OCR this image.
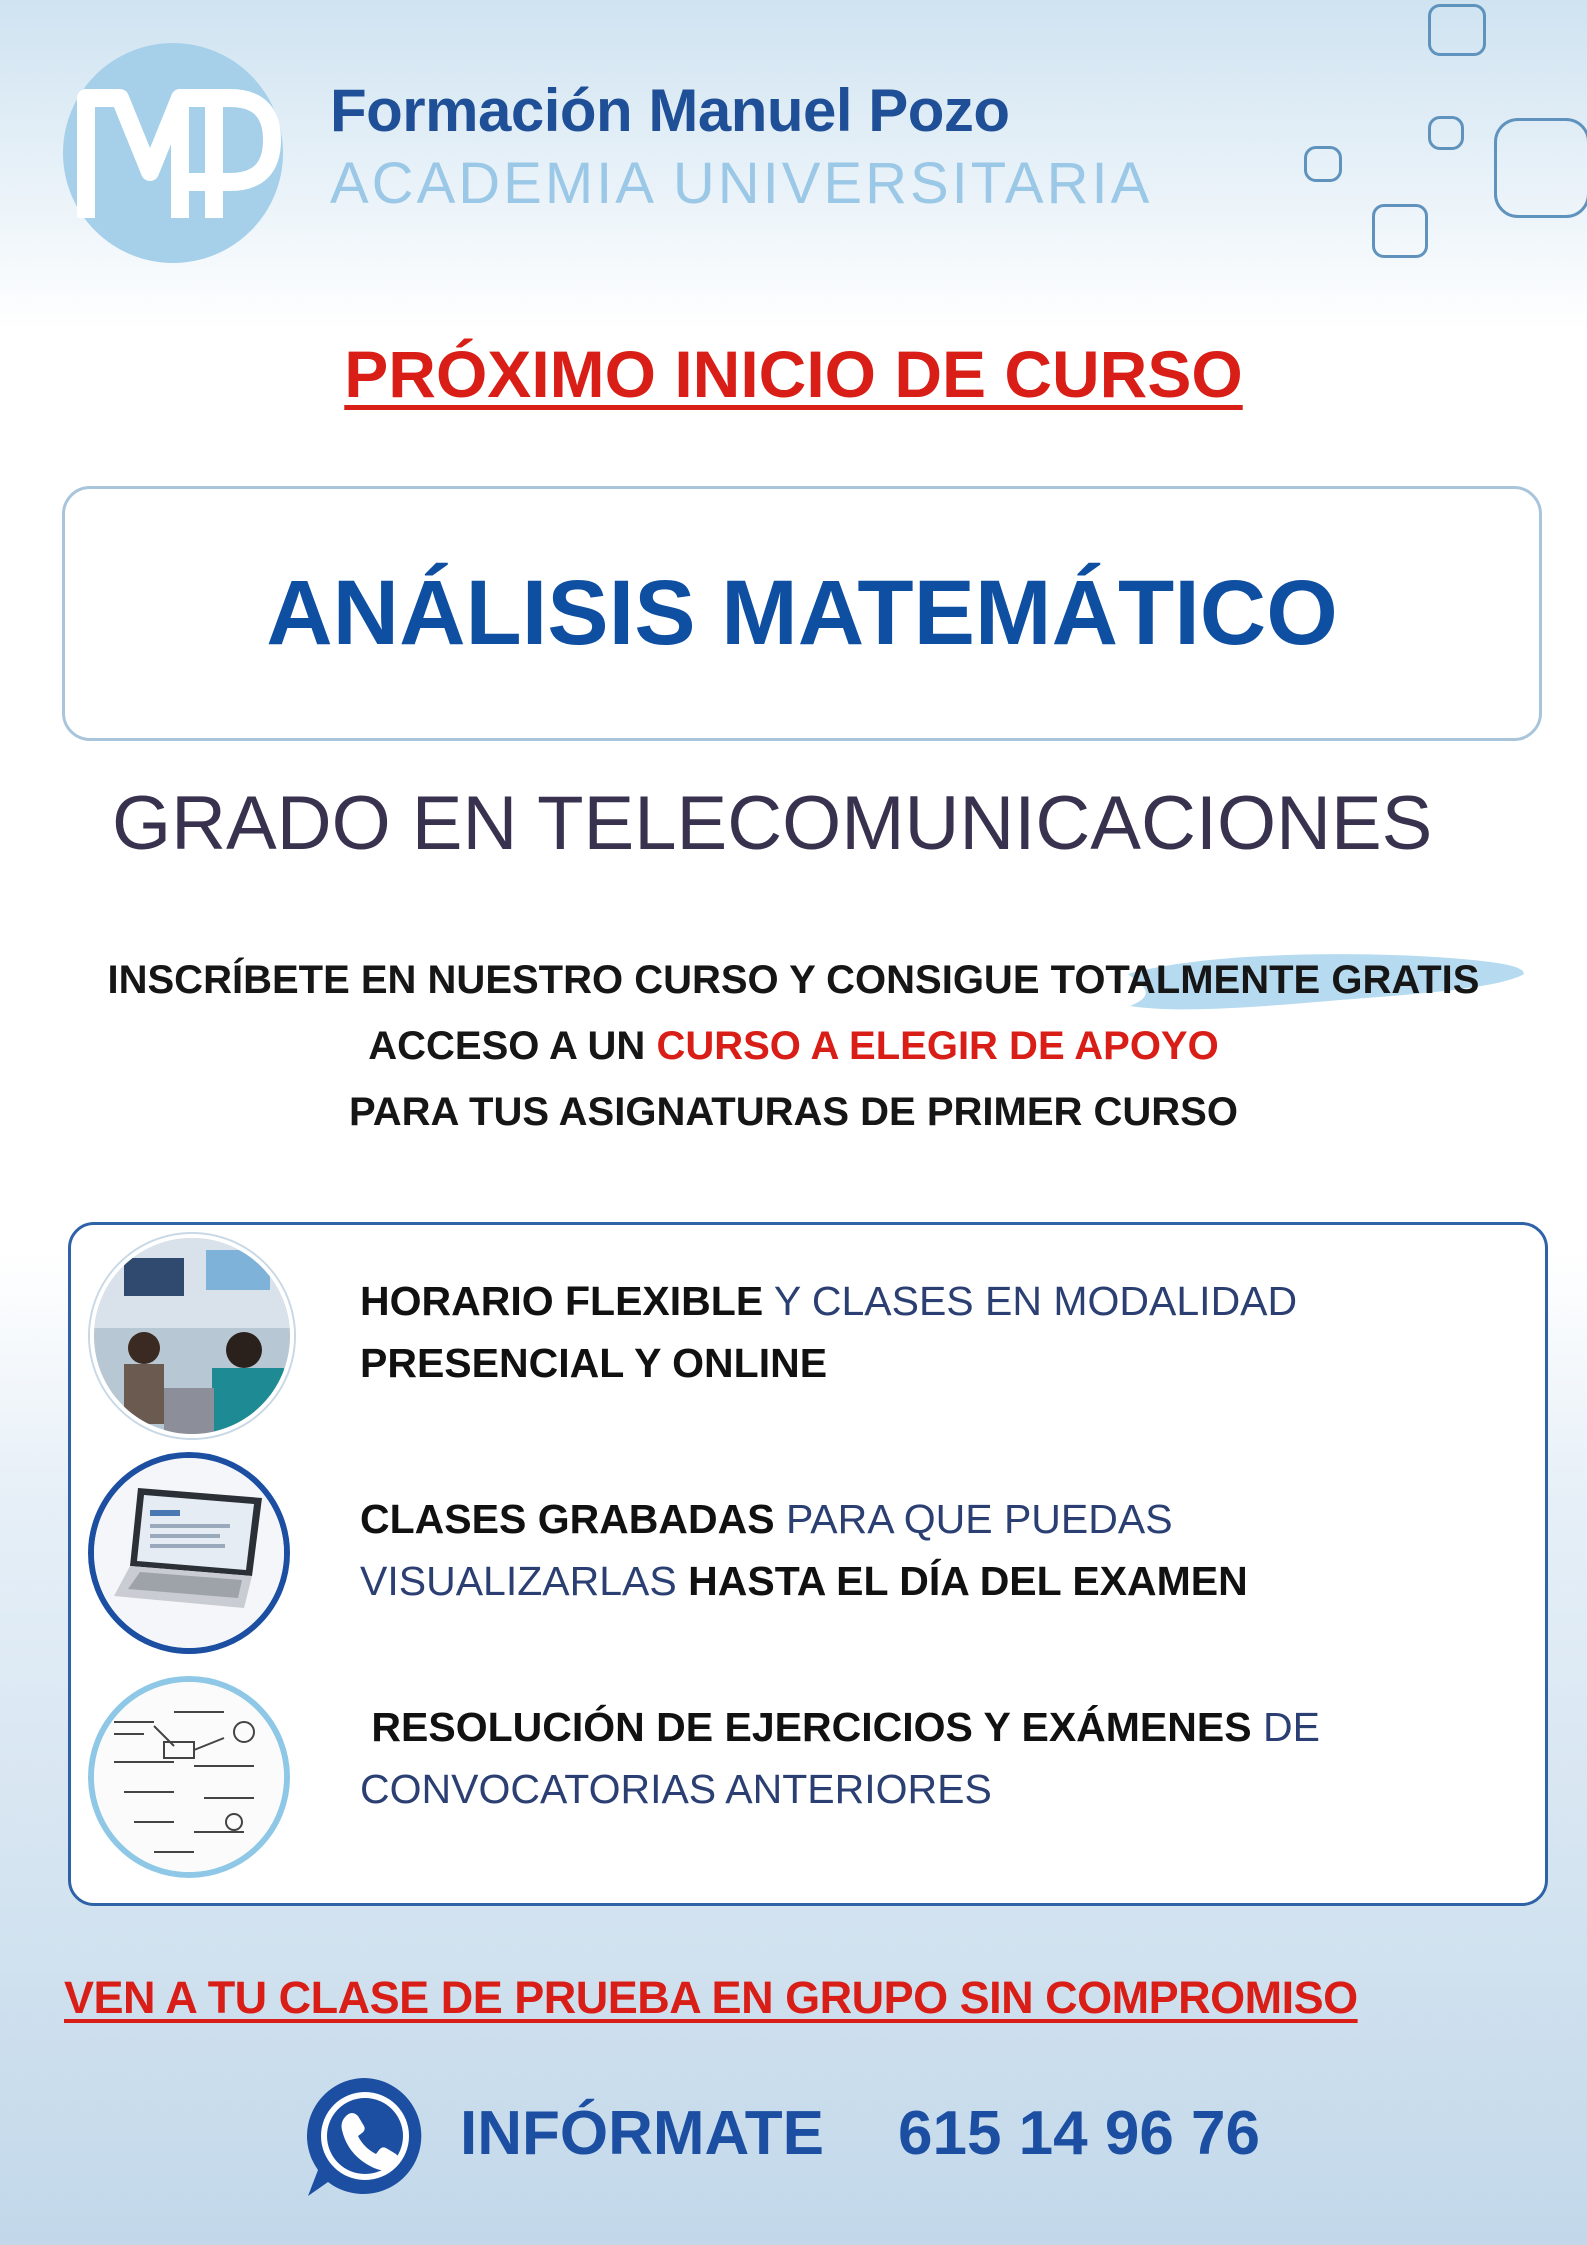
Formación Manuel Pozo
ACADEMIA UNIVERSITARIA
PRÓXIMO INICIO DE CURSO
ANÁLISIS MATEMÁTICO
GRADO EN TELECOMUNICACIONES
INSCRÍBETE EN NUESTRO CURSO Y CONSIGUE TOTALMENTE GRATIS
ACCESO A UN CURSO A ELEGIR DE APOYO
PARA TUS ASIGNATURAS DE PRIMER CURSO
HORARIO FLEXIBLE Y CLASES EN MODALIDAD
PRESENCIAL Y ONLINE
CLASES GRABADAS PARA QUE PUEDAS
VISUALIZARLAS HASTA EL DÍA DEL EXAMEN
RESOLUCIÓN DE EJERCICIOS Y EXÁMENES DE
CONVOCATORIAS ANTERIORES
VEN A TU CLASE DE PRUEBA EN GRUPO SIN COMPROMISO
INFÓRMATE 615 14 96 76
